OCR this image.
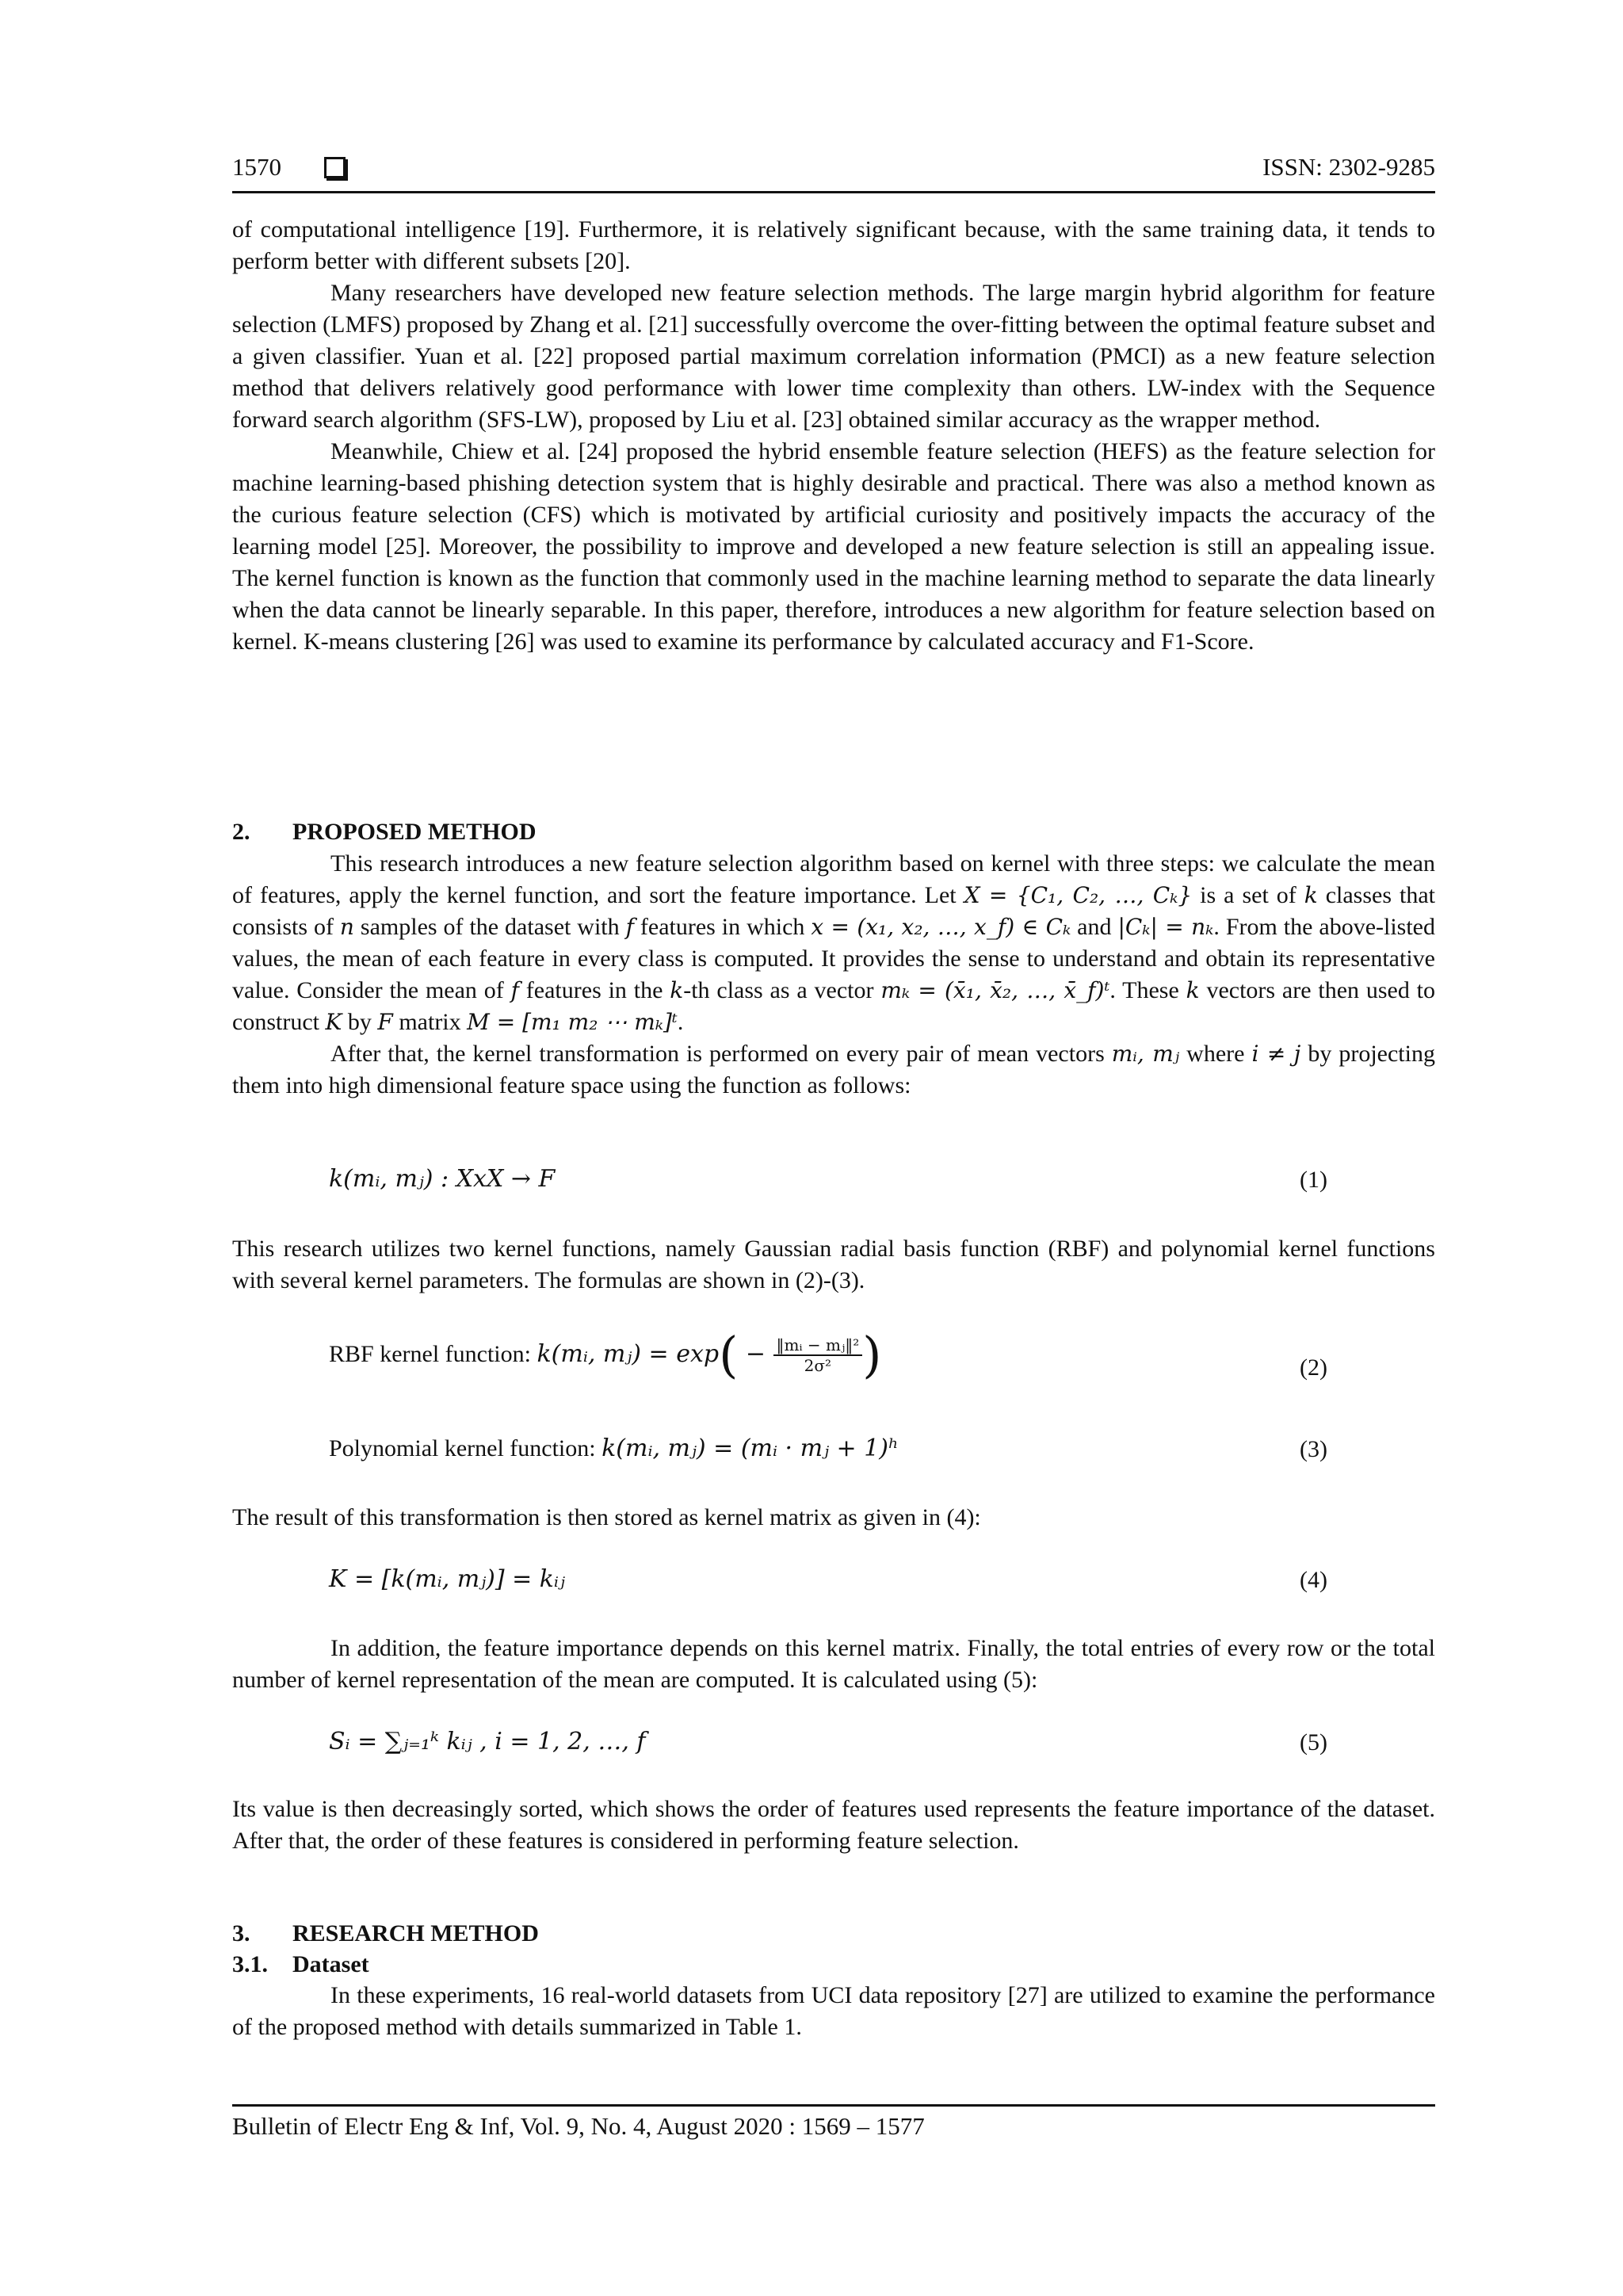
1570	ISSN: 2302-9285

of computational intelligence [19]. Furthermore, it is relatively significant because, with the same training data, it tends to perform better with different subsets [20].

Many researchers have developed new feature selection methods. The large margin hybrid algorithm for feature selection (LMFS) proposed by Zhang et al. [21] successfully overcome the over-fitting between the optimal feature subset and a given classifier. Yuan et al. [22] proposed partial maximum correlation information (PMCI) as a new feature selection method that delivers relatively good performance with lower time complexity than others. LW-index with the Sequence forward search algorithm (SFS-LW), proposed by Liu et al. [23] obtained similar accuracy as the wrapper method.

Meanwhile, Chiew et al. [24] proposed the hybrid ensemble feature selection (HEFS) as the feature selection for machine learning-based phishing detection system that is highly desirable and practical. There was also a method known as the curious feature selection (CFS) which is motivated by artificial curiosity and positively impacts the accuracy of the learning model [25]. Moreover, the possibility to improve and developed a new feature selection is still an appealing issue. The kernel function is known as the function that commonly used in the machine learning method to separate the data linearly when the data cannot be linearly separable. In this paper, therefore, introduces a new algorithm for feature selection based on kernel. K-means clustering [26] was used to examine its performance by calculated accuracy and F1-Score.

2. PROPOSED METHOD

This research introduces a new feature selection algorithm based on kernel with three steps: we calculate the mean of features, apply the kernel function, and sort the feature importance. Let X = {C₁, C₂, …, Cₖ} is a set of k classes that consists of n samples of the dataset with f features in which x = (x₁, x₂, …, x_f) ∈ Cₖ and |Cₖ| = nₖ. From the above-listed values, the mean of each feature in every class is computed. It provides the sense to understand and obtain its representative value. Consider the mean of f features in the k-th class as a vector mₖ = (x̄₁, x̄₂, …, x̄_f)ᵗ. These k vectors are then used to construct K by F matrix M = [m₁ m₂ ⋯ mₖ]ᵗ.

After that, the kernel transformation is performed on every pair of mean vectors mᵢ, mⱼ where i ≠ j by projecting them into high dimensional feature space using the function as follows:

k(mᵢ, mⱼ) : XxX → F	(1)

This research utilizes two kernel functions, namely Gaussian radial basis function (RBF) and polynomial kernel functions with several kernel parameters. The formulas are shown in (2)-(3).

RBF kernel function: k(mᵢ, mⱼ) = $\exp( - \frac{\text{‖mᵢ − mⱼ‖²}}{\text{2σ²}}$ )	(2)
Polynomial kernel function: k(mᵢ, mⱼ) = (mᵢ · mⱼ + 1)ʰ	(3)

The result of this transformation is then stored as kernel matrix as given in (4):

K = [k(mᵢ, mⱼ)] = kᵢⱼ	(4)

In addition, the feature importance depends on this kernel matrix. Finally, the total entries of every row or the total number of kernel representation of the mean are computed. It is calculated using (5):

Sᵢ = ∑ⱼ₌₁ᵏ kᵢⱼ , i = 1, 2, …, f	(5)

Its value is then decreasingly sorted, which shows the order of features used represents the feature importance of the dataset. After that, the order of these features is considered in performing feature selection.

3. RESEARCH METHOD
3.1. Dataset

In these experiments, 16 real-world datasets from UCI data repository [27] are utilized to examine the performance of the proposed method with details summarized in Table 1.

Bulletin of Electr Eng & Inf, Vol. 9, No. 4, August 2020 : 1569 – 1577
